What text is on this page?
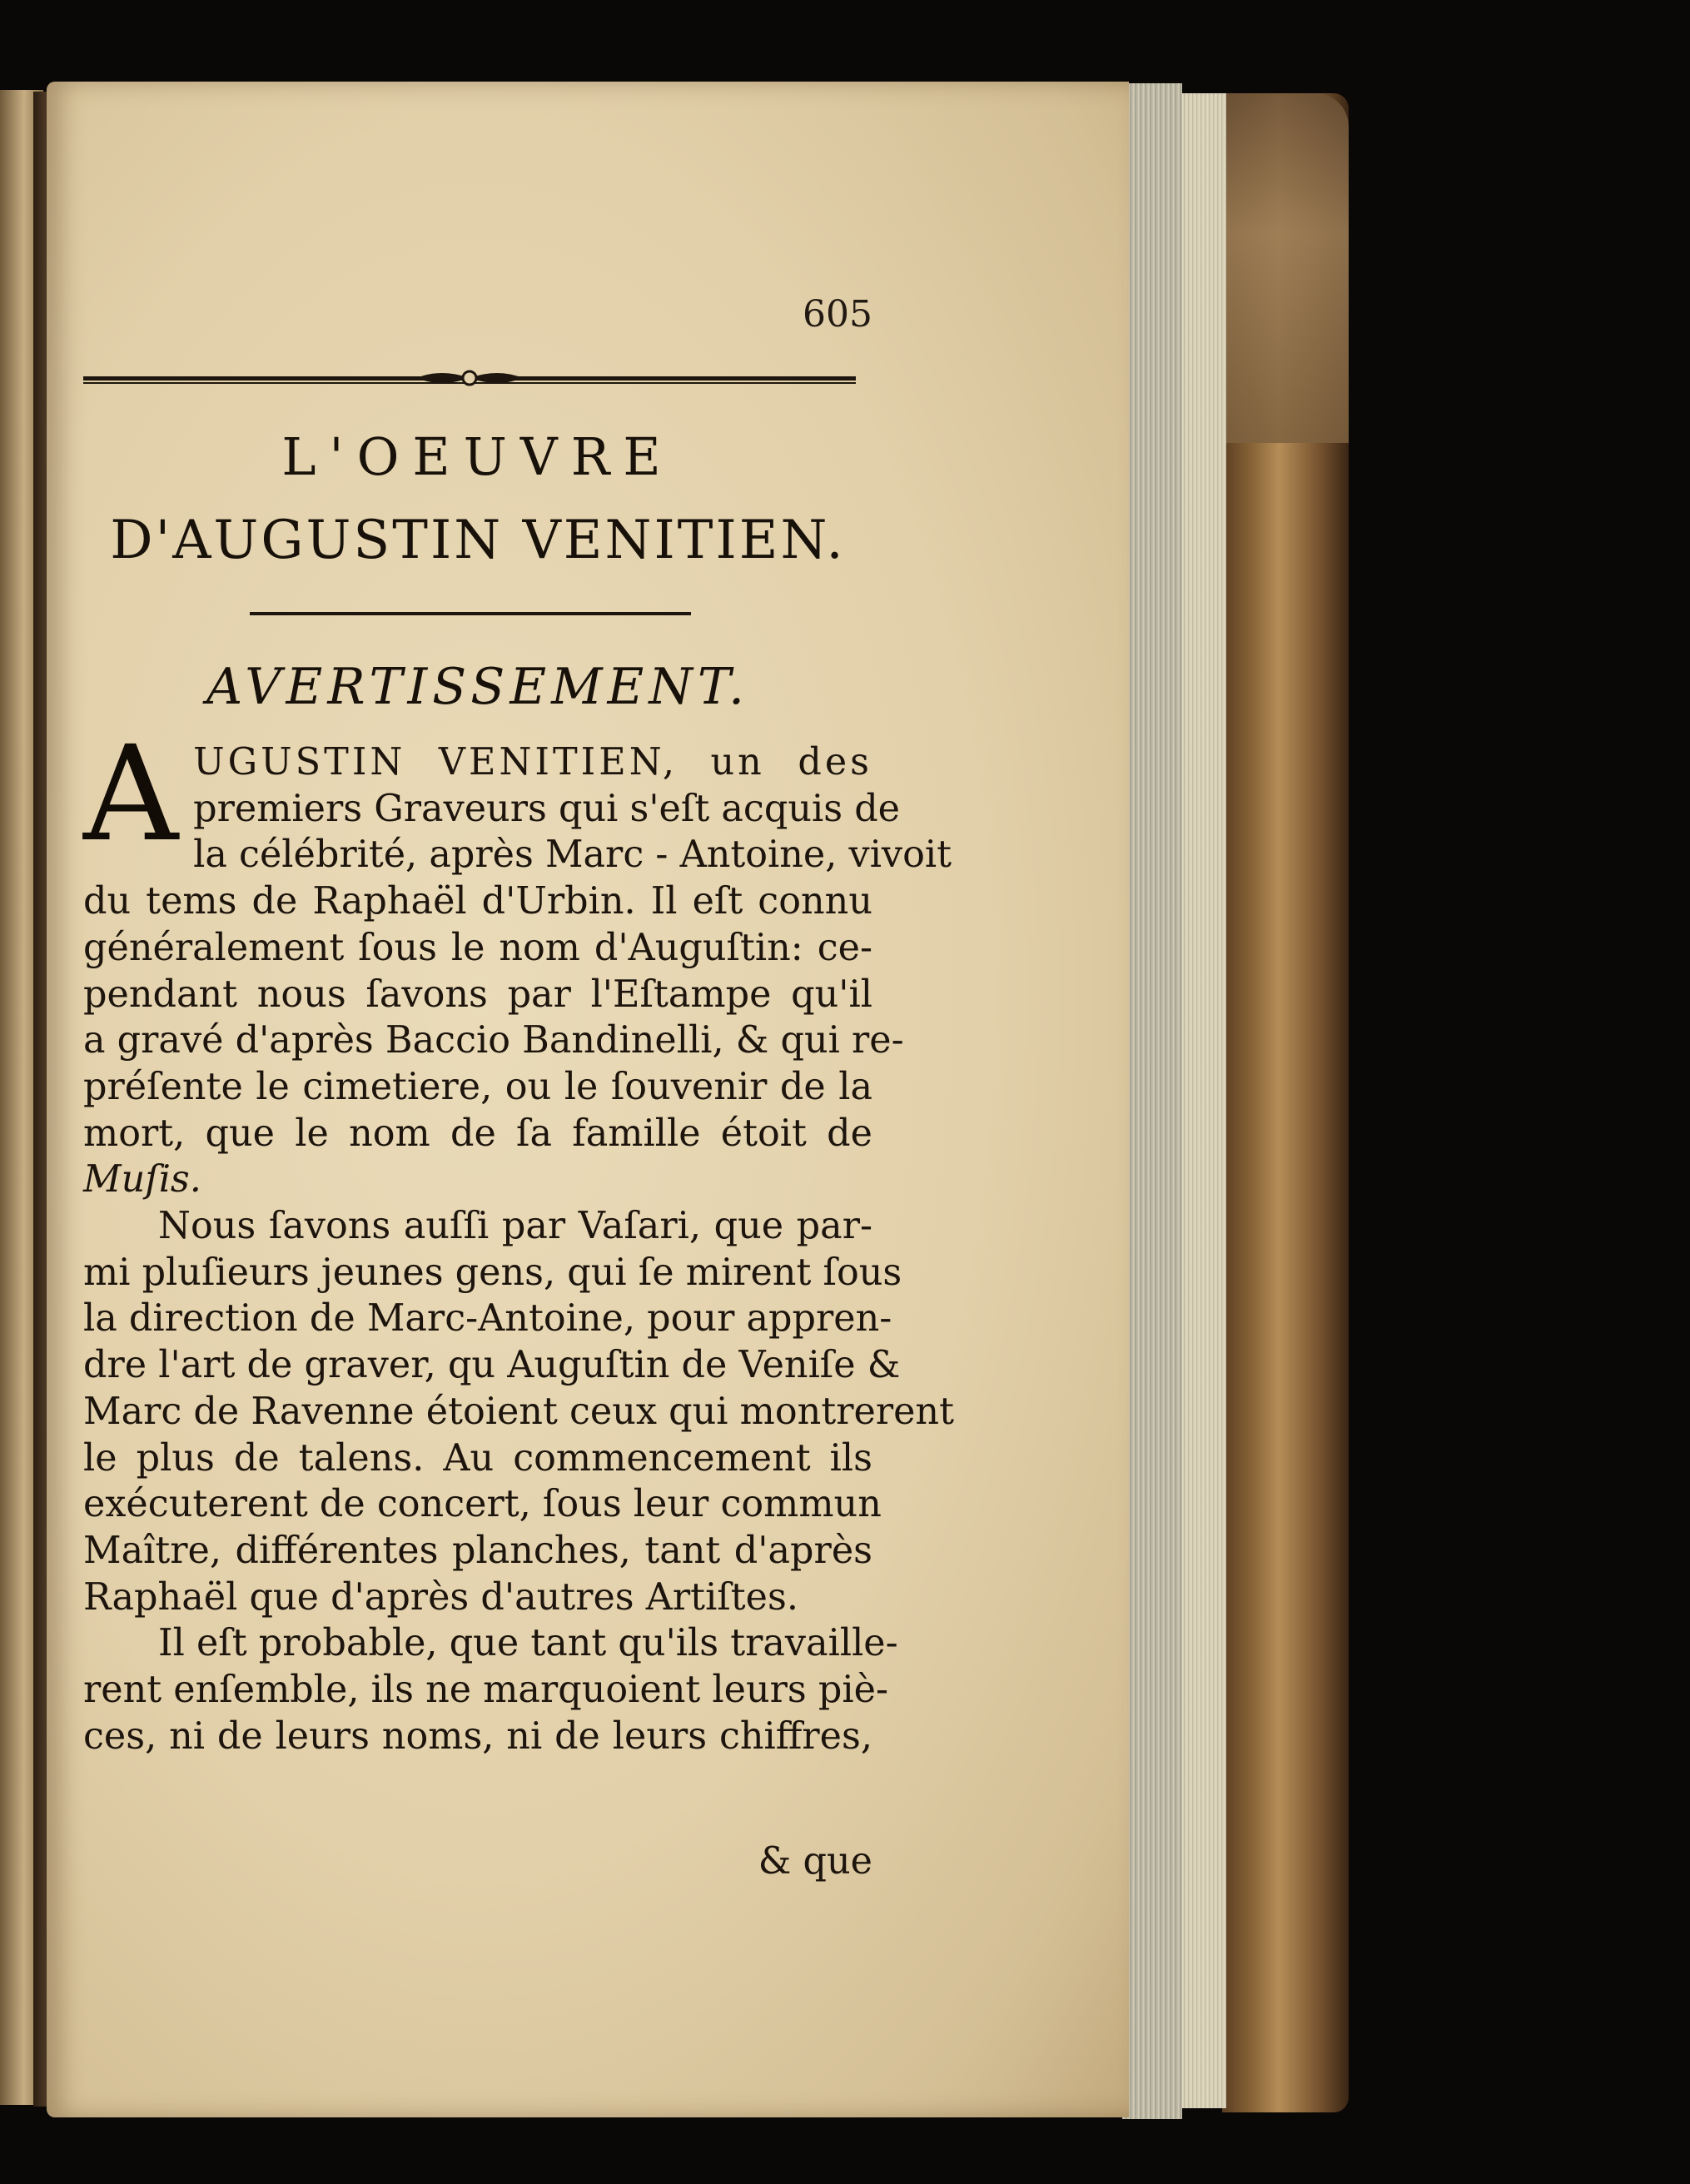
605
L'OEUVRE
D'AUGUSTIN VENITIEN.
AVERTISSEMENT.

A UGUSTIN VENITIEN, un des
premiers Graveurs qui s'eſt acquis de
la célébrité, après Marc - Antoine, vivoit
du tems de Raphaël d'Urbin. Il eſt connu
généralement ſous le nom d'Auguſtin: ce-
pendant nous ſavons par l'Eſtampe qu'il
a gravé d'après Baccio Bandinelli, & qui re-
préſente le cimetiere, ou le ſouvenir de la
mort, que le nom de ſa famille étoit de
Muſis.

Nous ſavons auſſi par Vaſari, que par-
mi pluſieurs jeunes gens, qui ſe mirent ſous
la direction de Marc-Antoine, pour appren-
dre l'art de graver, qu Auguſtin de Veniſe &
Marc de Ravenne étoient ceux qui montrerent
le plus de talens. Au commencement ils
exécuterent de concert, ſous leur commun
Maître, différentes planches, tant d'après
Raphaël que d'après d'autres Artiſtes.

Il eſt probable, que tant qu'ils travaille-
rent enſemble, ils ne marquoient leurs piè-
ces, ni de leurs noms, ni de leurs chiffres,

& que
